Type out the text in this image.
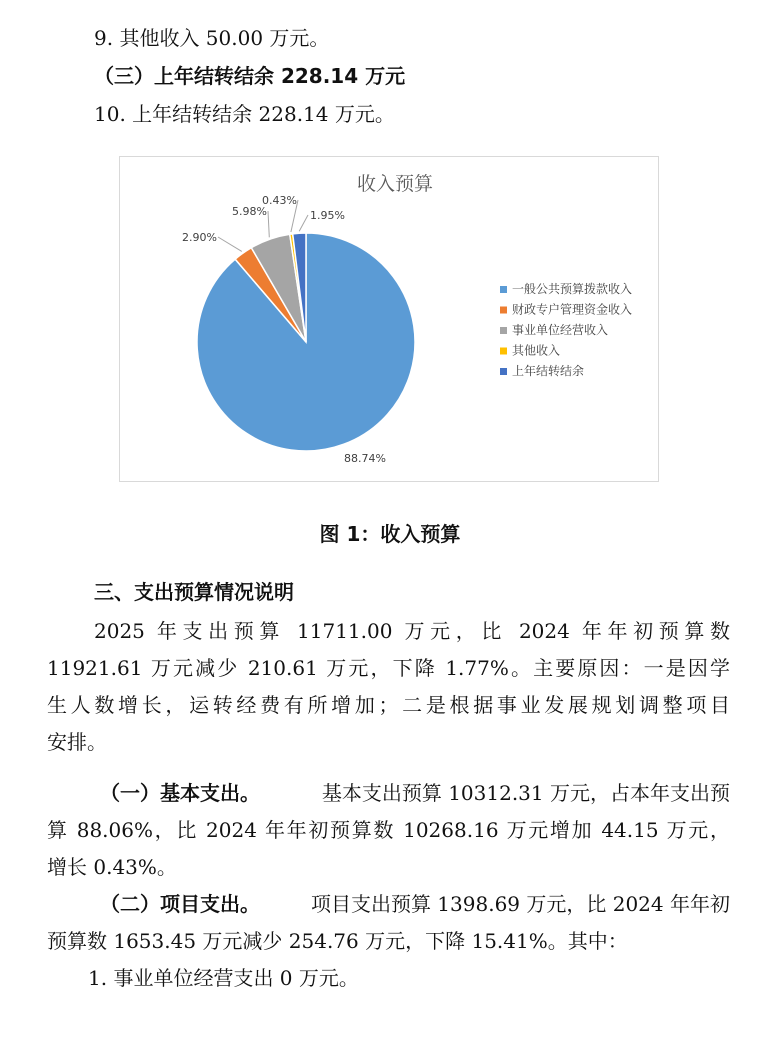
9. 其他收入 50.00 万元。
（三）上年结转结余 228.14 万元
10. 上年结转结余 228.14 万元。
收入预算
88.74%
2.90%
5.98%
0.43%
1.95%
一般公共预算拨款收入
财政专户管理资金收入
事业单位经营收入
其他收入
上年结转结余
图 1：收入预算
三、支出预算情况说明
2025 年支出预算 11711.00 万元，比 2024 年年初预算数
11921.61 万元减少 210.61 万元，下降 1.77%。主要原因：一是因学
生人数增长，运转经费有所增加；二是根据事业发展规划调整项目
安排。
（一）基本支出。	基本支出预算 10312.31 万元，占本年支出预
算 88.06%，比 2024 年年初预算数 10268.16 万元增加 44.15 万元，
增长 0.43%。
（二）项目支出。	项目支出预算 1398.69 万元，比 2024 年年初
预算数 1653.45 万元减少 254.76 万元，下降 15.41%。其中：
1. 事业单位经营支出 0 万元。
